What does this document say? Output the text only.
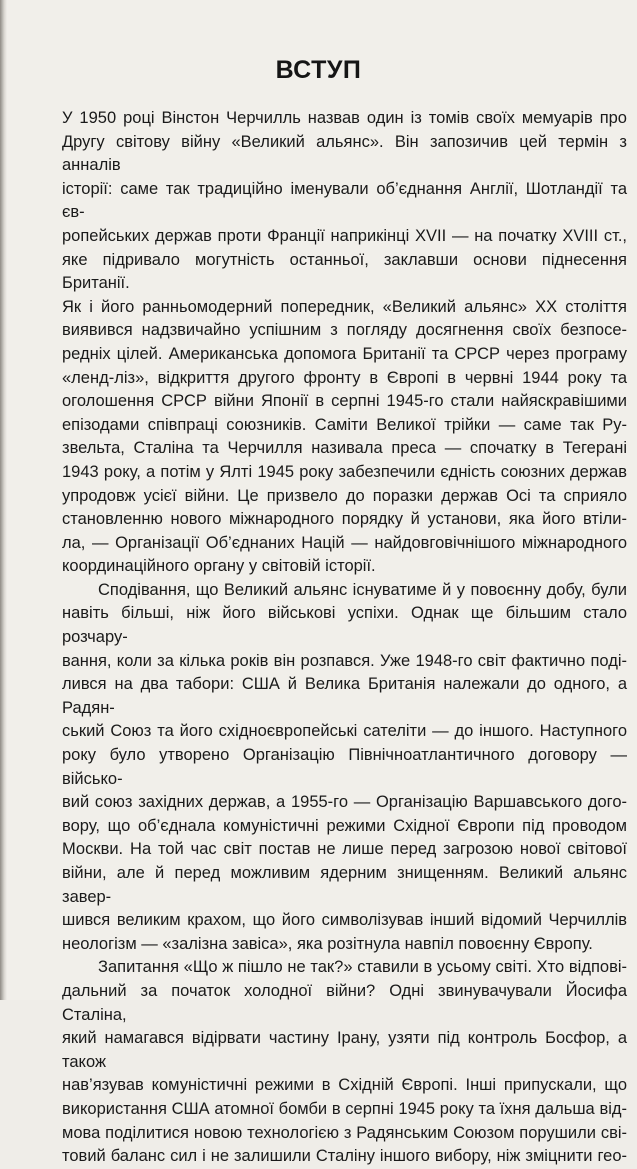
ВСТУП

У 1950 році Вінстон Черчилль назвав один із томів своїх мемуарів про

Другу світову війну «Великий альянс». Він запозичив цей термін з анналів

історії: саме так традиційно іменували об’єднання Англії, Шотландії та єв-

ропейських держав проти Франції наприкінці XVII — на початку XVIII ст.,

яке підривало могутність останньої, заклавши основи піднесення Британії.

Як і його ранньомодерний попередник, «Великий альянс» XX століття

виявився надзвичайно успішним з погляду досягнення своїх безпосе-

редніх цілей. Американська допомога Британії та СРСР через програму

«ленд-ліз», відкриття другого фронту в Європі в червні 1944 року та

оголошення СРСР війни Японії в серпні 1945-го стали найяскравішими

епізодами співпраці союзників. Саміти Великої трійки — саме так Ру-

звельта, Сталіна та Черчилля називала преса — спочатку в Тегерані

1943 року, а потім у Ялті 1945 року забезпечили єдність союзних держав

упродовж усієї війни. Це призвело до поразки держав Осі та сприяло

становленню нового міжнародного порядку й установи, яка його втіли-

ла, — Організації Об’єднаних Націй — найдовговічнішого міжнародного

координаційного органу у світовій історії.

Сподівання, що Великий альянс існуватиме й у повоєнну добу, були

навіть більші, ніж його військові успіхи. Однак ще більшим стало розчару-

вання, коли за кілька років він розпався. Уже 1948-го світ фактично поді-

лився на два табори: США й Велика Британія належали до одного, а Радян-

ський Союз та його східноєвропейські сателіти — до іншого. Наступного

року було утворено Організацію Північноатлантичного договору — військо-

вий союз західних держав, а 1955-го — Організацію Варшавського дого-

вору, що об’єднала комуністичні режими Східної Європи під проводом

Москви. На той час світ постав не лише перед загрозою нової світової

війни, але й перед можливим ядерним знищенням. Великий альянс завер-

шився великим крахом, що його символізував інший відомий Черчиллів

неологізм — «залізна завіса», яка розітнула навпіл повоєнну Європу.

Запитання «Що ж пішло не так?» ставили в усьому світі. Хто відпові-

дальний за початок холодної війни? Одні звинувачували Йосифа Сталіна,

який намагався відірвати частину Ірану, узяти під контроль Босфор, а також

нав’язував комуністичні режими в Східній Європі. Інші припускали, що

використання США атомної бомби в серпні 1945 року та їхня дальша від-

мова поділитися новою технологією з Радянським Союзом порушили сві-

товий баланс сил і не залишили Сталіну іншого вибору, ніж зміцнити гео-
